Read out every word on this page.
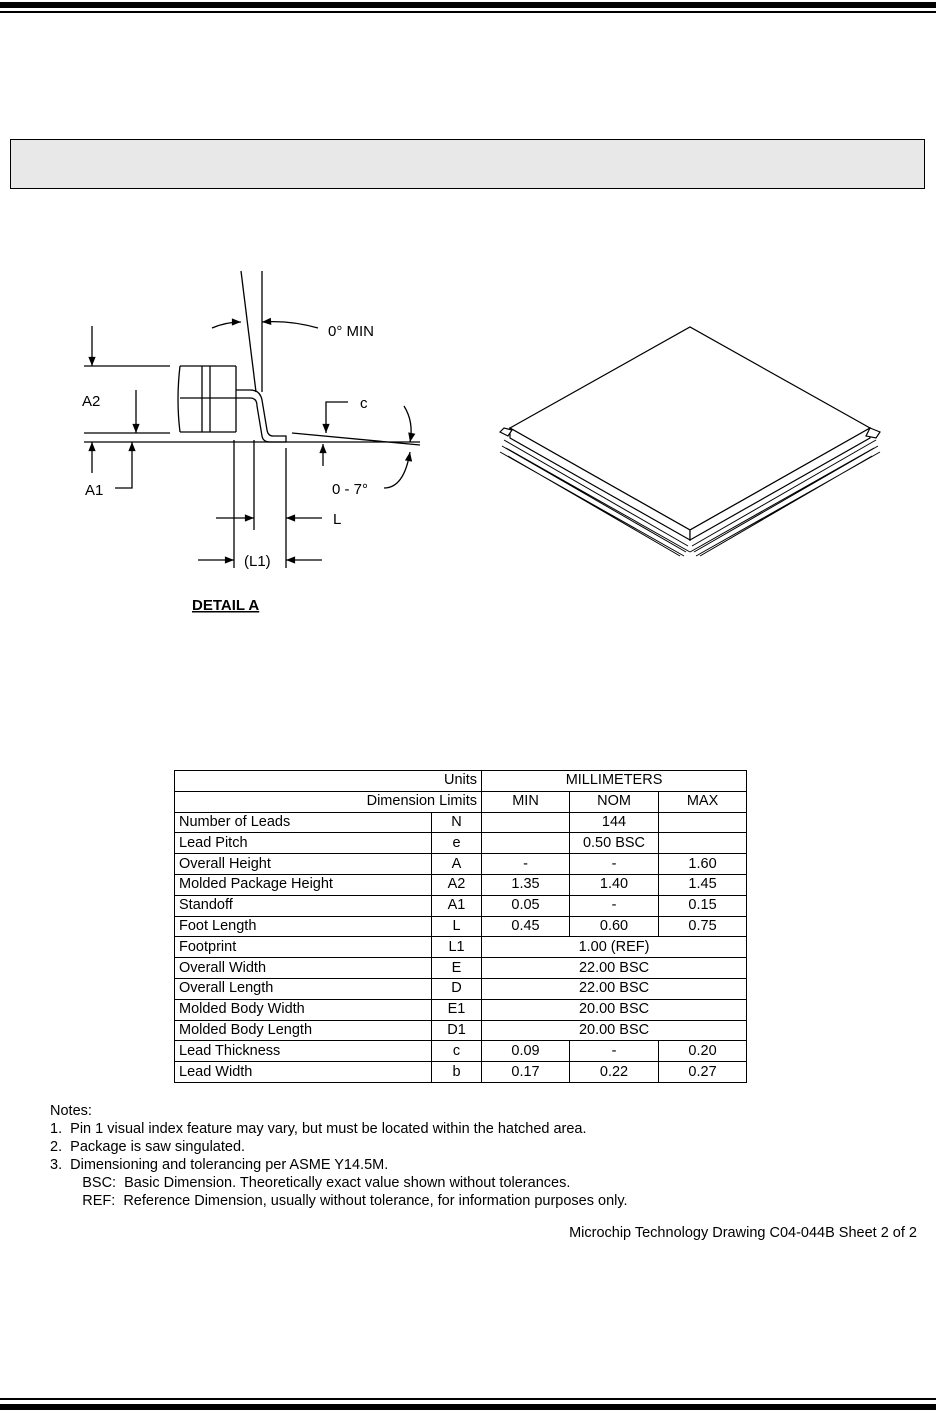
0° MIN
A2
A1
c
0 - 7°
L
(L1)
DETAIL A
Units		MILLIMETERS		
Dimension Limits		MIN	NOM	MAX
Number of Leads	N		144	
Lead Pitch	e		0.50 BSC	
Overall Height	A	-	-	1.60
Molded Package Height	A2	1.35	1.40	1.45
Standoff	A1	0.05	-	0.15
Foot Length	L	0.45	0.60	0.75
Footprint	L1	1.00 (REF)		
Overall Width	E	22.00 BSC		
Overall Length	D	22.00 BSC		
Molded Body Width	E1	20.00 BSC		
Molded Body Length	D1	20.00 BSC		
Lead Thickness	c	0.09	-	0.20
Lead Width	b	0.17	0.22	0.27
Notes:
1.  Pin 1 visual index feature may vary, but must be located within the hatched area.
2.  Package is saw singulated.
3.  Dimensioning and tolerancing per ASME Y14.5M.
BSC:  Basic Dimension. Theoretically exact value shown without tolerances.
REF:  Reference Dimension, usually without tolerance, for information purposes only.
Microchip Technology Drawing C04-044B Sheet 2 of 2
